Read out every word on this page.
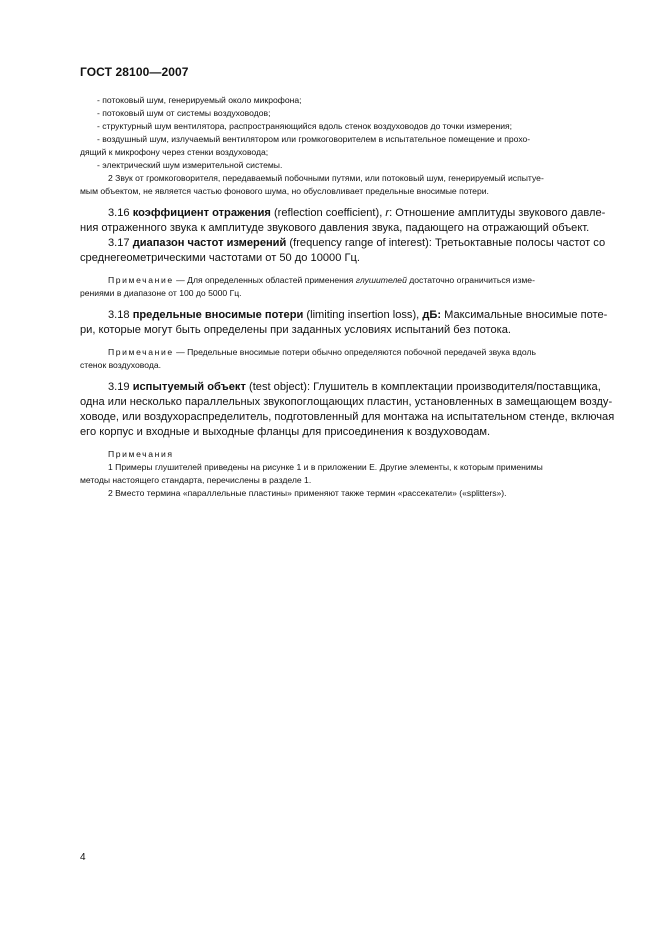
ГОСТ 28100—2007

- потоковый шум, генерируемый около микрофона;

- потоковый шум от системы воздуховодов;

- структурный шум вентилятора, распространяющийся вдоль стенок воздуховодов до точки измерения;

- воздушный шум, излучаемый вентилятором или громкоговорителем в испытательное помещение и прохо-

дящий к микрофону через стенки воздуховода;

- электрический шум измерительной системы.

2 Звук от громкоговорителя, передаваемый побочными путями, или потоковый шум, генерируемый испытуе-

мым объектом, не является частью фонового шума, но обусловливает предельные вносимые потери.

3.16 коэффициент отражения (reflection coefficient), r: Отношение амплитуды звукового давле-

ния отраженного звука к амплитуде звукового давления звука, падающего на отражающий объект.

3.17 диапазон частот измерений (frequency range of interest): Третьоктавные полосы частот со

среднегеометрическими частотами от 50 до 10000 Гц.

Примечание — Для определенных областей применения глушителей достаточно ограничиться изме-

рениями в диапазоне от 100 до 5000 Гц.

3.18 предельные вносимые потери (limiting insertion loss), дБ: Максимальные вносимые поте-

ри, которые могут быть определены при заданных условиях испытаний без потока.

Примечание — Предельные вносимые потери обычно определяются побочной передачей звука вдоль

стенок воздуховода.

3.19 испытуемый объект (test object): Глушитель в комплектации производителя/поставщика,

одна или несколько параллельных звукопоглощающих пластин, установленных в замещающем возду-

ховоде, или воздухораспределитель, подготовленный для монтажа на испытательном стенде, включая

его корпус и входные и выходные фланцы для присоединения к воздуховодам.

Примечания

1 Примеры глушителей приведены на рисунке 1 и в приложении Е. Другие элементы, к которым применимы

методы настоящего стандарта, перечислены в разделе 1.

2 Вместо термина «параллельные пластины» применяют также термин «рассекатели» («splitters»).

4
